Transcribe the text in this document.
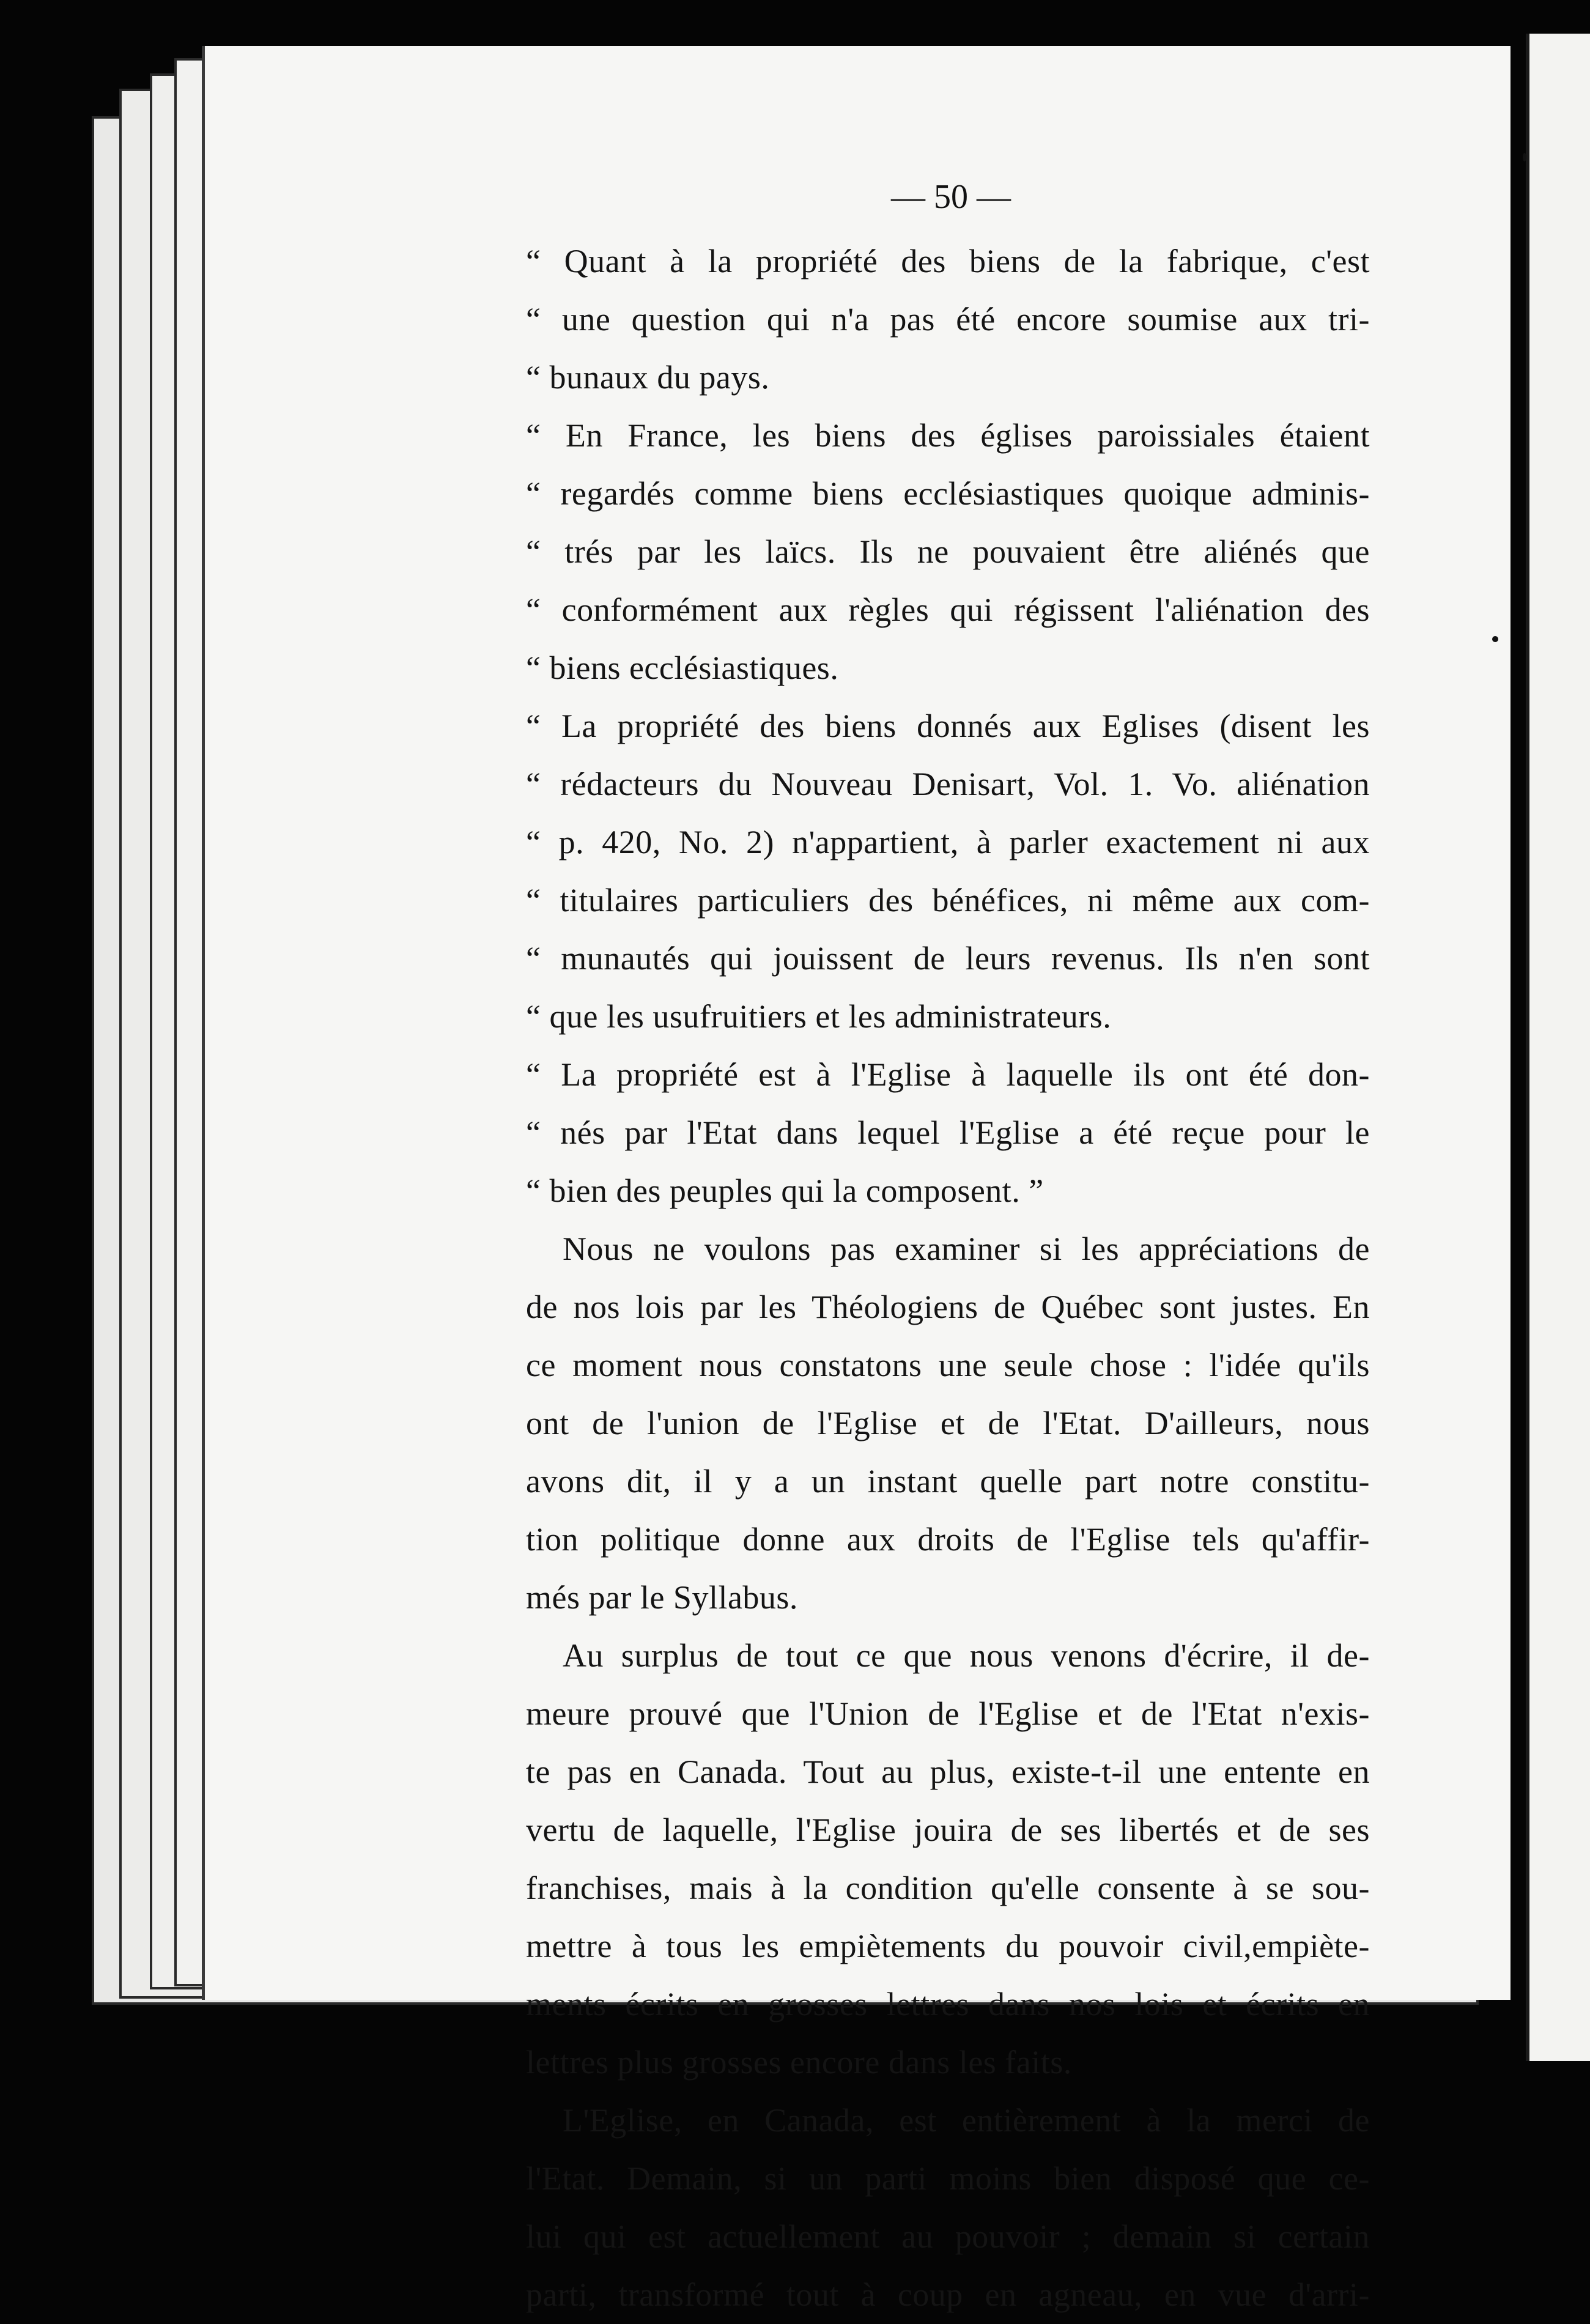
— 50 —
“ Quant à la propriété des biens de la fabrique, c'est
“ une question qui n'a pas été encore soumise aux tri-
“ bunaux du pays.
“ En France, les biens des églises paroissiales étaient
“ regardés comme biens ecclésiastiques quoique adminis-
“ trés par les laïcs. Ils ne pouvaient être aliénés que
“ conformément aux règles qui régissent l'aliénation des
“ biens ecclésiastiques.
“ La propriété des biens donnés aux Eglises (disent les
“ rédacteurs du Nouveau Denisart, Vol. 1. Vo. aliénation
“ p. 420, No. 2) n'appartient, à parler exactement ni aux
“ titulaires particuliers des bénéfices, ni même aux com-
“ munautés qui jouissent de leurs revenus. Ils n'en sont
“ que les usufruitiers et les administrateurs.
“ La propriété est à l'Eglise à laquelle ils ont été don-
“ nés par l'Etat dans lequel l'Eglise a été reçue pour le
“ bien des peuples qui la composent. ”
Nous ne voulons pas examiner si les appréciations de
de nos lois par les Théologiens de Québec sont justes. En
ce moment nous constatons une seule chose : l'idée qu'ils
ont de l'union de l'Eglise et de l'Etat. D'ailleurs, nous
avons dit, il y a un instant quelle part notre constitu-
tion politique donne aux droits de l'Eglise tels qu'affir-
més par le Syllabus.
Au surplus de tout ce que nous venons d'écrire, il de-
meure prouvé que l'Union de l'Eglise et de l'Etat n'exis-
te pas en Canada. Tout au plus, existe-t-il une entente en
vertu de laquelle, l'Eglise jouira de ses libertés et de ses
franchises, mais à la condition qu'elle consente à se sou-
mettre à tous les empiètements du pouvoir civil,empiète-
ments écrits en grosses lettres dans nos lois et écrits en
lettres plus grosses encore dans les faits.
L'Eglise, en Canada, est entièrement à la merci de
l'Etat. Demain, si un parti moins bien disposé que ce-
lui qui est actuellement au pouvoir ; demain si certain
parti, transformé tout à coup en agneau, en vue d'arri-
